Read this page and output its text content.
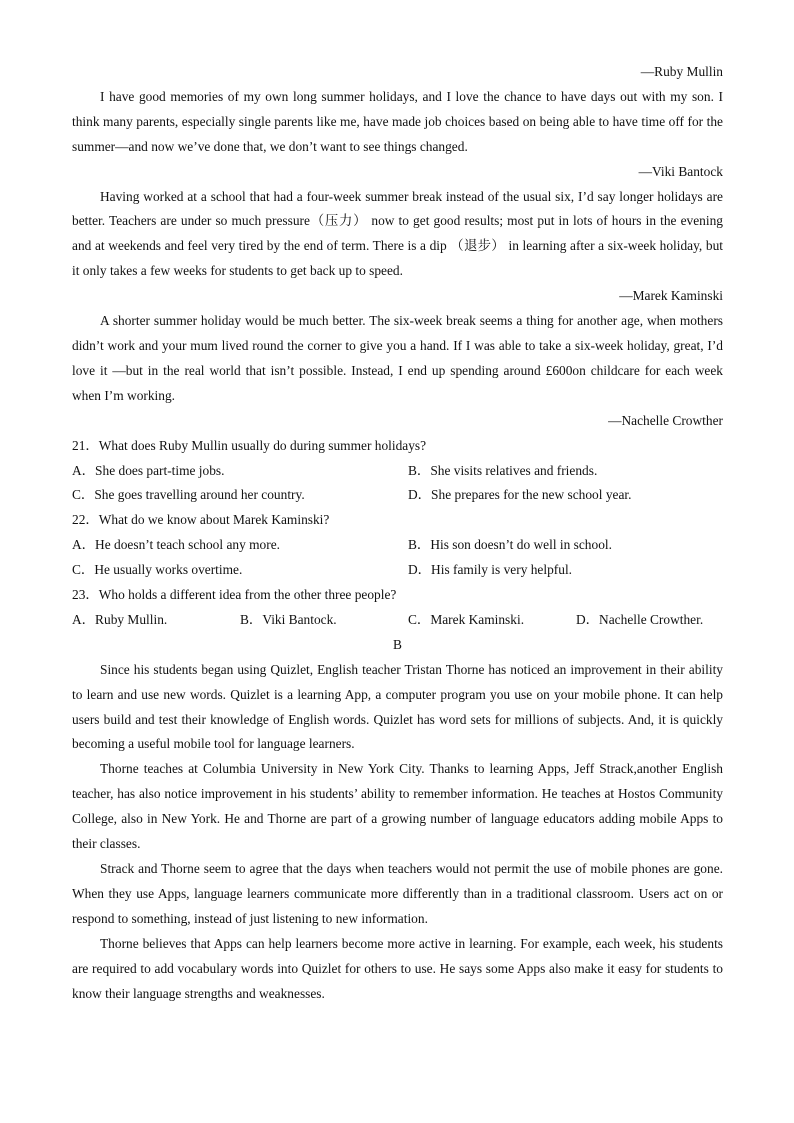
—Ruby Mullin

I have good memories of my own long summer holidays, and I love the chance to have days out with my son. I think many parents, especially single parents like me, have made job choices based on being able to have time off for the summer—and now we’ve done that, we don’t want to see things changed.

—Viki Bantock

Having worked at a school that had a four-week summer break instead of the usual six, I’d say longer holidays are better. Teachers are under so much pressure（压力） now to get good results; most put in lots of hours in the evening and at weekends and feel very tired by the end of term. There is a dip （退步） in learning after a six-week holiday, but it only takes a few weeks for students to get back up to speed.

—Marek Kaminski

A shorter summer holiday would be much better. The six-week break seems a thing for another age, when mothers didn’t work and your mum lived round the corner to give you a hand. If I was able to take a six-week holiday, great, I’d love it —but in the real world that isn’t possible. Instead, I end up spending around £600on childcare for each week when I’m working.

—Nachelle Crowther

21．What does Ruby Mullin usually do during summer holidays?

A．She does part-time jobs.	B．She visits relatives and friends.
C．She goes travelling around her country.	D．She prepares for the new school year.

22．What do we know about Marek Kaminski?

A．He doesn’t teach school any more.	B．His son doesn’t do well in school.
C．He usually works overtime.	D．His family is very helpful.

23．Who holds a different idea from the other three people?

A．Ruby Mullin.	B．Viki Bantock.	C．Marek Kaminski.	D．Nachelle Crowther.

B

Since his students began using Quizlet, English teacher Tristan Thorne has noticed an improvement in their ability to learn and use new words. Quizlet is a learning App, a computer program you use on your mobile phone. It can help users build and test their knowledge of English words. Quizlet has word sets for millions of subjects. And, it is quickly becoming a useful mobile tool for language learners.

Thorne teaches at Columbia University in New York City. Thanks to learning Apps, Jeff Strack,another English teacher, has also notice improvement in his students’ ability to remember information. He teaches at Hostos Community College, also in New York. He and Thorne are part of a growing number of language educators adding mobile Apps to their classes.

Strack and Thorne seem to agree that the days when teachers would not permit the use of mobile phones are gone. When they use Apps, language learners communicate more differently than in a traditional classroom. Users act on or respond to something, instead of just listening to new information.

Thorne believes that Apps can help learners become more active in learning. For example, each week, his students are required to add vocabulary words into Quizlet for others to use. He says some Apps also make it easy for students to know their language strengths and weaknesses.
